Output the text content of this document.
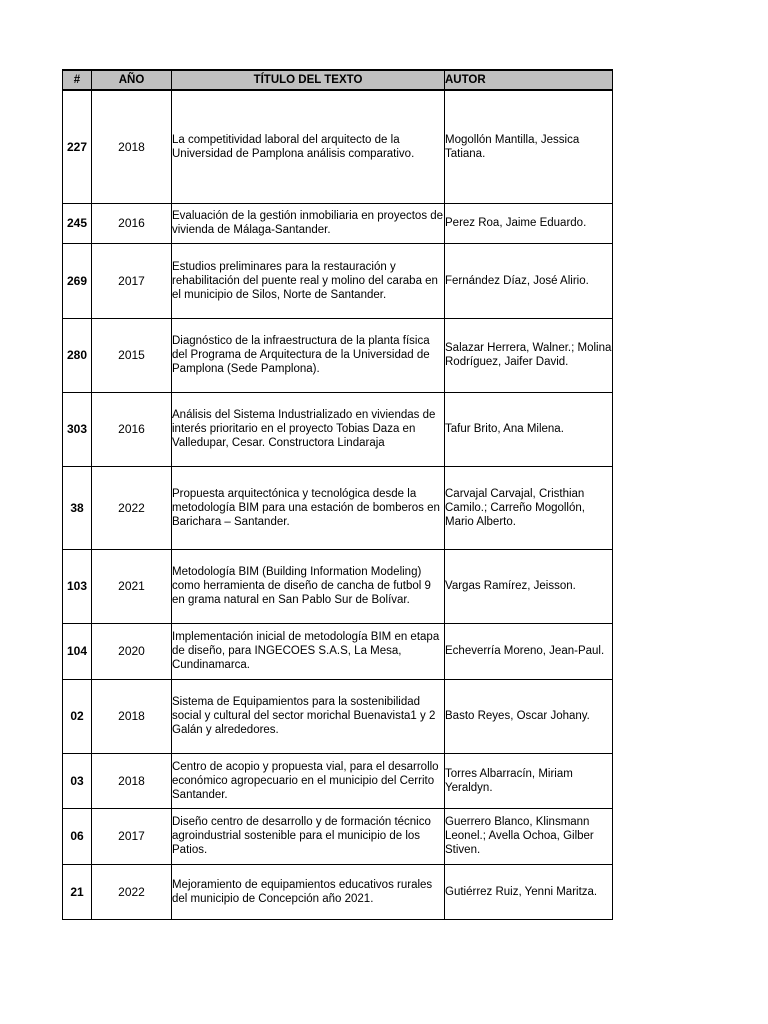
#	AÑO	TÍTULO DEL TEXTO	AUTOR
227	2018	La competitividad laboral del arquitecto de la Universidad de Pamplona análisis comparativo.	Mogollón Mantilla, Jessica Tatiana.
245	2016	Evaluación de la gestión inmobiliaria en proyectos de vivienda de Málaga-Santander.	Perez Roa, Jaime Eduardo.
269	2017	Estudios preliminares para la restauración y rehabilitación del puente real y molino del caraba en el municipio de Silos, Norte de Santander.	Fernández Díaz, José Alirio.
280	2015	Diagnóstico de la infraestructura de la planta física del Programa de Arquitectura de la Universidad de Pamplona (Sede Pamplona).	Salazar Herrera, Walner.; Molina Rodríguez, Jaifer David.
303	2016	Análisis del Sistema Industrializado en viviendas de interés prioritario en el proyecto Tobias Daza en Valledupar, Cesar. Constructora Lindaraja	Tafur Brito, Ana Milena.
38	2022	Propuesta arquitectónica y tecnológica desde la metodología BIM para una estación de bomberos en Barichara – Santander.	Carvajal Carvajal, Cristhian Camilo.; Carreño Mogollón, Mario Alberto.
103	2021	Metodología BIM (Building Information Modeling) como herramienta de diseño de cancha de futbol 9 en grama natural en San Pablo Sur de Bolívar.	Vargas Ramírez, Jeisson.
104	2020	Implementación inicial de metodología BIM en etapa de diseño, para INGECOES S.A.S, La Mesa, Cundinamarca.	Echeverría Moreno, Jean-Paul.
02	2018	Sistema de Equipamientos para la sostenibilidad social y cultural del sector morichal Buenavista1 y 2 Galán y alrededores.	Basto Reyes, Oscar Johany.
03	2018	Centro de acopio y propuesta vial, para el desarrollo económico agropecuario en el municipio del Cerrito Santander.	Torres Albarracín, Miriam Yeraldyn.
06	2017	Diseño centro de desarrollo y de formación técnico agroindustrial sostenible para el municipio de los Patios.	Guerrero Blanco, Klinsmann Leonel.; Avella Ochoa, Gilber Stiven.
21	2022	Mejoramiento de equipamientos educativos rurales del municipio de Concepción año 2021.	Gutiérrez Ruiz, Yenni Maritza.
